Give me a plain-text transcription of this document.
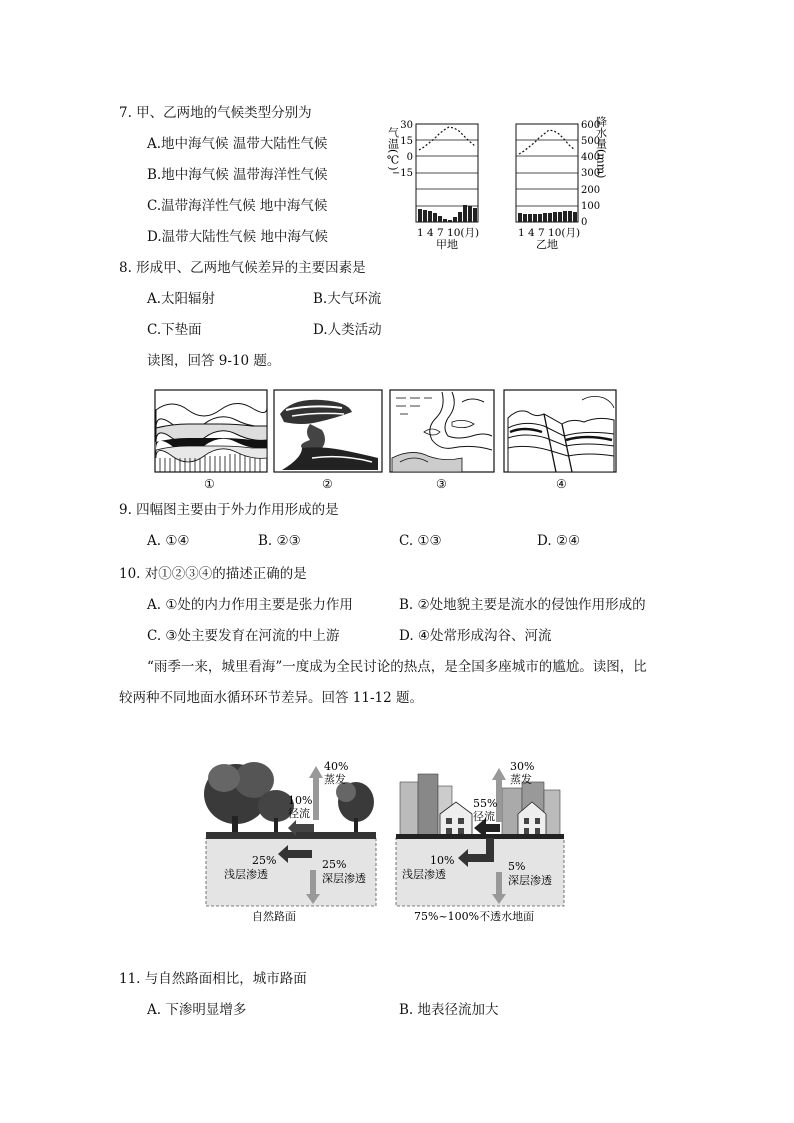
7. 甲、乙两地的气候类型分别为
A.地中海气候 温带大陆性气候
B.地中海气候 温带海洋性气候
C.温带海洋性气候 地中海气候
D.温带大陆性气候 地中海气候
气温(℃)
30
15
0
−15
1 4 7 10(月)
甲地
600
500
400
300
200
100
0
1 4 7 10(月)
乙地
降水量(mm)
8. 形成甲、乙两地气候差异的主要因素是
A.太阳辐射	B.大气环流
C.下垫面	D.人类活动
读图，回答 9-10 题。
①	②	③	④
9. 四幅图主要由于外力作用形成的是
A. ①④	B. ②③	C. ①③	D. ②④
10. 对①②③④的描述正确的是
A. ①处的内力作用主要是张力作用	B. ②处地貌主要是流水的侵蚀作用形成的
C. ③处主要发育在河流的中上游	D. ④处常形成沟谷、河流
“雨季一来，城里看海”一度成为全民讨论的热点，是全国多座城市的尴尬。读图，比
较两种不同地面水循环环节差异。回答 11-12 题。
40%
蒸发
10%
径流
25%
浅层渗透
25%
深层渗透
自然路面
30%
蒸发
55%
径流
10%
浅层渗透
5%
深层渗透
75%~100%不透水地面
11. 与自然路面相比，城市路面
A. 下渗明显增多	B. 地表径流加大
